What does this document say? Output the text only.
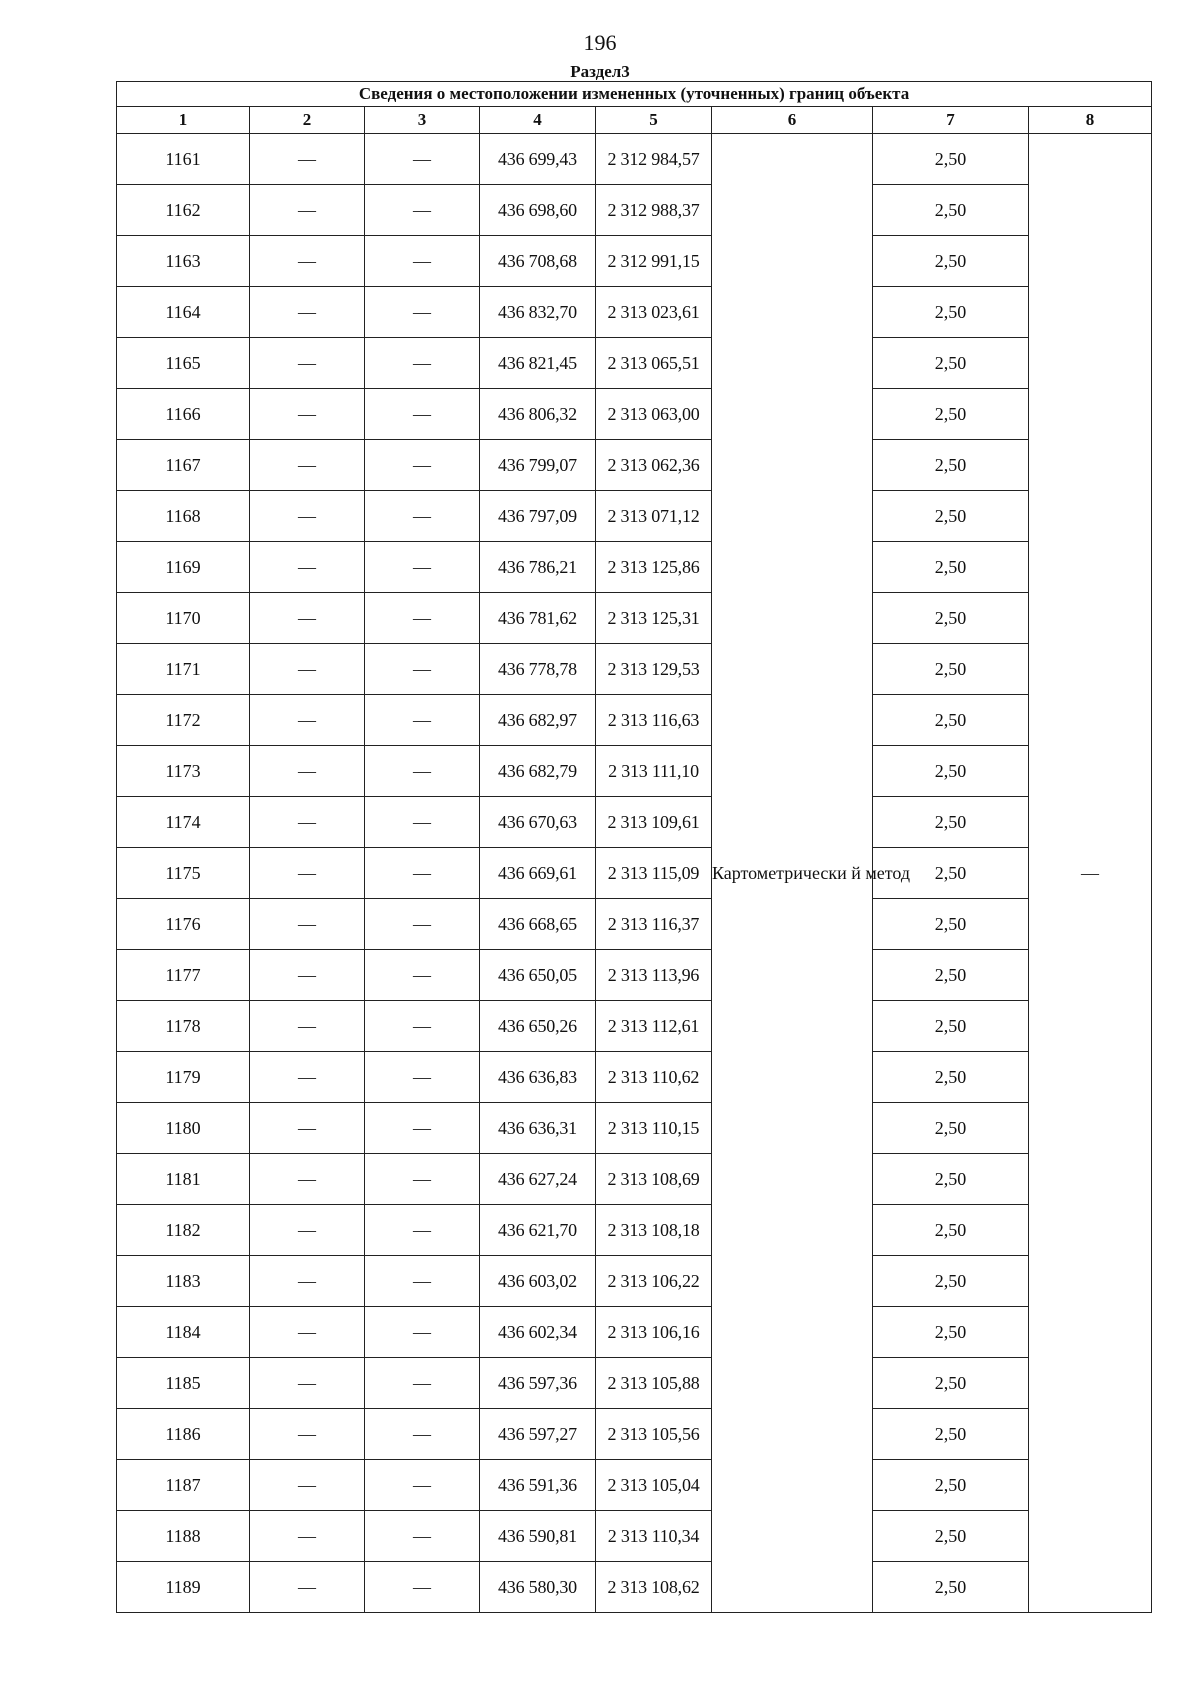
196
Раздел3
Сведения о местоположении измененных (уточненных) границ объекта							
1	2	3	4	5	6	7	8
1161	—	—	436 699,43	2 312 984,57	Картометрически й метод	2,50	—
1162	—	—	436 698,60	2 312 988,37		2,50	
1163	—	—	436 708,68	2 312 991,15		2,50	
1164	—	—	436 832,70	2 313 023,61		2,50	
1165	—	—	436 821,45	2 313 065,51		2,50	
1166	—	—	436 806,32	2 313 063,00		2,50	
1167	—	—	436 799,07	2 313 062,36		2,50	
1168	—	—	436 797,09	2 313 071,12		2,50	
1169	—	—	436 786,21	2 313 125,86		2,50	
1170	—	—	436 781,62	2 313 125,31		2,50	
1171	—	—	436 778,78	2 313 129,53		2,50	
1172	—	—	436 682,97	2 313 116,63		2,50	
1173	—	—	436 682,79	2 313 111,10		2,50	
1174	—	—	436 670,63	2 313 109,61		2,50	
1175	—	—	436 669,61	2 313 115,09		2,50	
1176	—	—	436 668,65	2 313 116,37		2,50	
1177	—	—	436 650,05	2 313 113,96		2,50	
1178	—	—	436 650,26	2 313 112,61		2,50	
1179	—	—	436 636,83	2 313 110,62		2,50	
1180	—	—	436 636,31	2 313 110,15		2,50	
1181	—	—	436 627,24	2 313 108,69		2,50	
1182	—	—	436 621,70	2 313 108,18		2,50	
1183	—	—	436 603,02	2 313 106,22		2,50	
1184	—	—	436 602,34	2 313 106,16		2,50	
1185	—	—	436 597,36	2 313 105,88		2,50	
1186	—	—	436 597,27	2 313 105,56		2,50	
1187	—	—	436 591,36	2 313 105,04		2,50	
1188	—	—	436 590,81	2 313 110,34		2,50	
1189	—	—	436 580,30	2 313 108,62		2,50	
